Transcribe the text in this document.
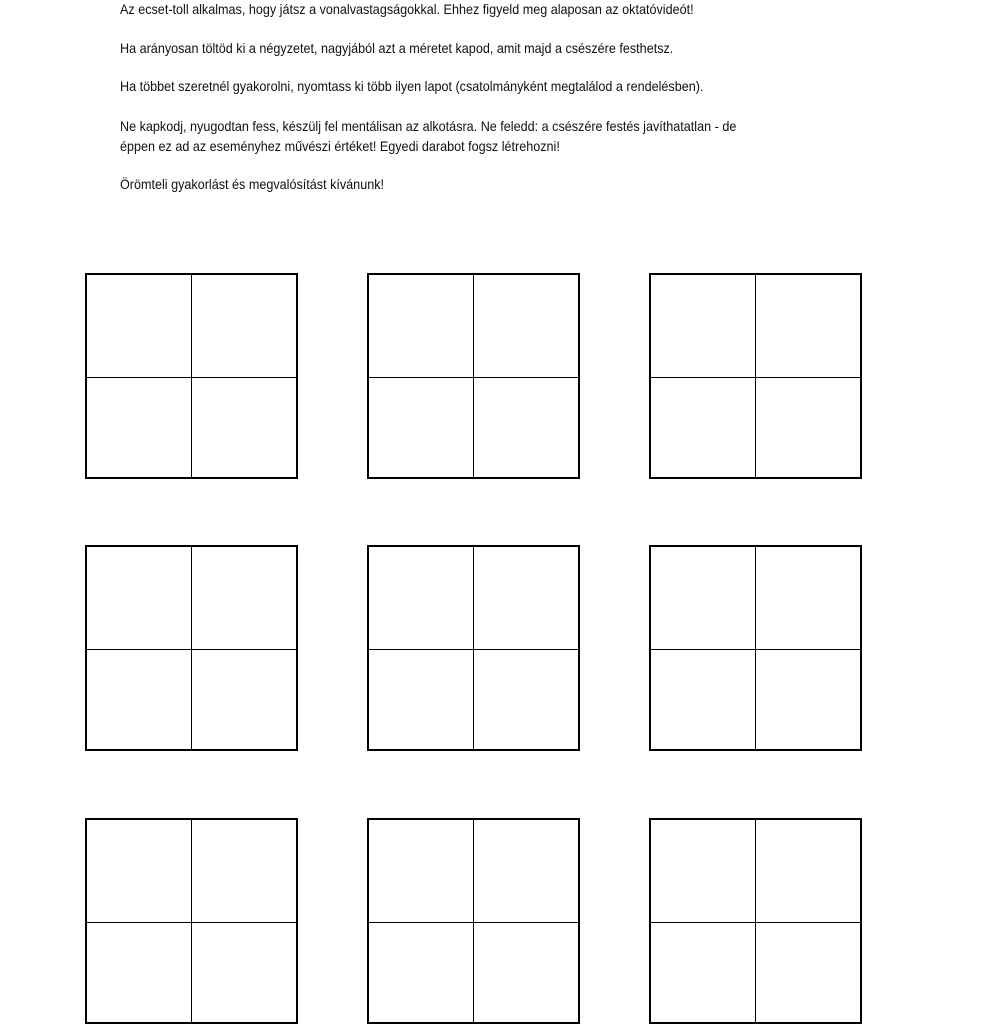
Az ecset-toll alkalmas, hogy játsz a vonalvastagságokkal. Ehhez figyeld meg alaposan az oktatóvideót!

Ha arányosan töltöd ki a négyzetet, nagyjából azt a méretet kapod, amit majd a csészére festhetsz.

Ha többet szeretnél gyakorolni, nyomtass ki több ilyen lapot (csatolmányként megtalálod a rendelésben).

Ne kapkodj, nyugodtan fess, készülj fel mentálisan az alkotásra. Ne feledd: a csészére festés javíthatatlan - de
éppen ez ad az eseményhez művészi értéket! Egyedi darabot fogsz létrehozni!

Örömteli gyakorlást és megvalósítást kívánunk!
